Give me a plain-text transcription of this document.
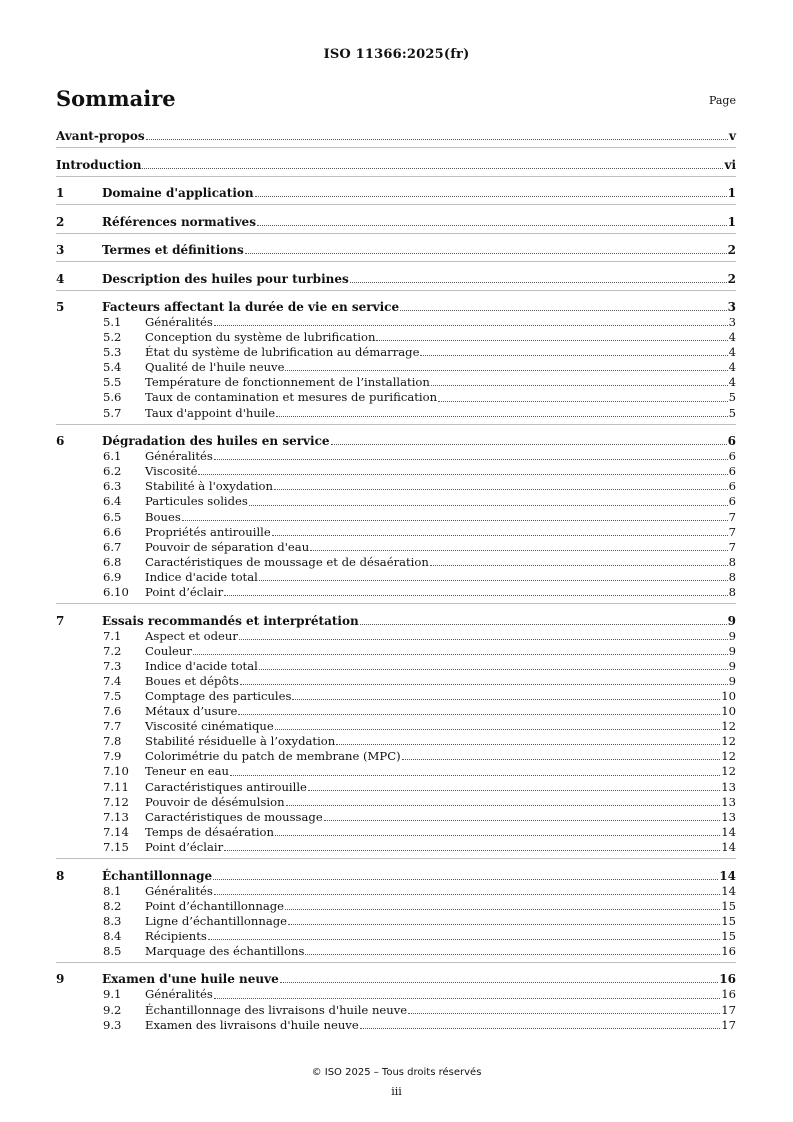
ISO 11366:2025(fr)
Sommaire	Page
Avant-propos	v
Introduction	vi
1	Domaine d'application	1
2	Références normatives	1
3	Termes et définitions	2
4	Description des huiles pour turbines	2
5	Facteurs affectant la durée de vie en service	3
5.1	Généralités	3
5.2	Conception du système de lubrification	4
5.3	État du système de lubrification au démarrage	4
5.4	Qualité de l'huile neuve	4
5.5	Température de fonctionnement de l’installation	4
5.6	Taux de contamination et mesures de purification	5
5.7	Taux d'appoint d'huile	5
6	Dégradation des huiles en service	6
6.1	Généralités	6
6.2	Viscosité	6
6.3	Stabilité à l'oxydation	6
6.4	Particules solides	6
6.5	Boues	7
6.6	Propriétés antirouille	7
6.7	Pouvoir de séparation d'eau	7
6.8	Caractéristiques de moussage et de désaération	8
6.9	Indice d'acide total	8
6.10	Point d’éclair	8
7	Essais recommandés et interprétation	9
7.1	Aspect et odeur	9
7.2	Couleur	9
7.3	Indice d'acide total	9
7.4	Boues et dépôts	9
7.5	Comptage des particules	10
7.6	Métaux d’usure	10
7.7	Viscosité cinématique	12
7.8	Stabilité résiduelle à l’oxydation	12
7.9	Colorimétrie du patch de membrane (MPC)	12
7.10	Teneur en eau	12
7.11	Caractéristiques antirouille	13
7.12	Pouvoir de désémulsion	13
7.13	Caractéristiques de moussage	13
7.14	Temps de désaération	14
7.15	Point d’éclair	14
8	Échantillonnage	14
8.1	Généralités	14
8.2	Point d’échantillonnage	15
8.3	Ligne d’échantillonnage	15
8.4	Récipients	15
8.5	Marquage des échantillons	16
9	Examen d'une huile neuve	16
9.1	Généralités	16
9.2	Échantillonnage des livraisons d'huile neuve	17
9.3	Examen des livraisons d'huile neuve	17
© ISO 2025 – Tous droits réservés
iii
